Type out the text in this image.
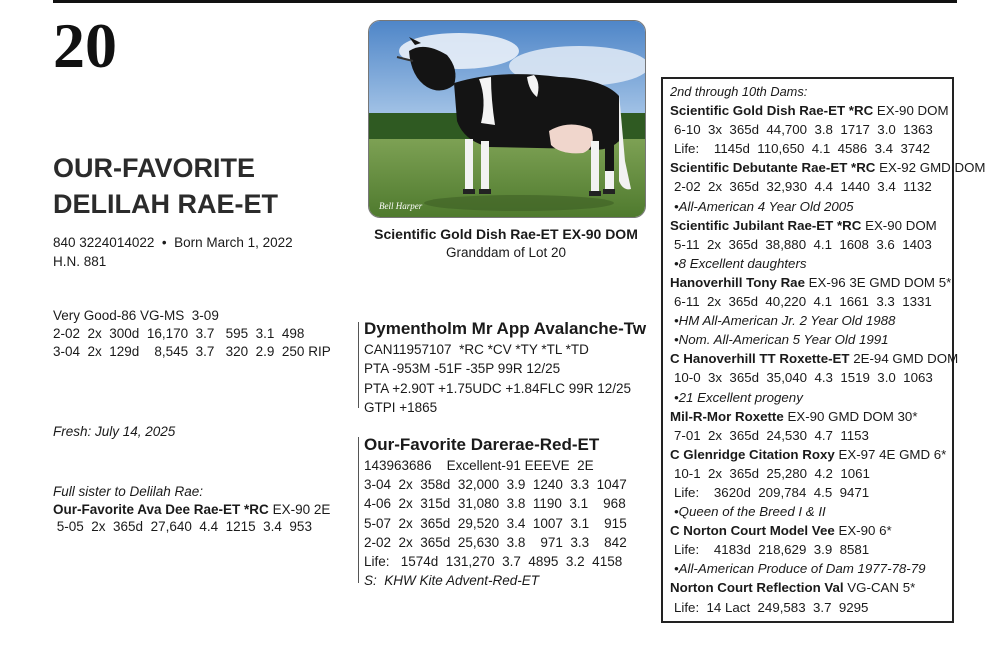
20
OUR-FAVORITE
DELILAH RAE-ET
840 3224014022  •  Born March 1, 2022
H.N. 881
Very Good-86 VG-MS  3-09
2-02  2x  300d  16,170  3.7   595  3.1  498
3-04  2x  129d    8,545  3.7   320  2.9  250 RIP
Fresh: July 14, 2025
Full sister to Delilah Rae:
Our-Favorite Ava Dee Rae-ET *RC EX-90 2E
5-05  2x  365d  27,640  4.4  1215  3.4  953
Bell Harper
Scientific Gold Dish Rae-ET EX-90 DOM
Granddam of Lot 20
Dymentholm Mr App Avalanche-Tw
CAN11957107  *RC *CV *TY *TL *TD
PTA -953M -51F -35P 99R 12/25
PTA +2.90T +1.75UDC +1.84FLC 99R 12/25
GTPI +1865
Our-Favorite Darerae-Red-ET
143963686    Excellent-91 EEEVE  2E
3-04  2x  358d  32,000  3.9  1240  3.3  1047
4-06  2x  315d  31,080  3.8  1190  3.1    968
5-07  2x  365d  29,520  3.4  1007  3.1    915
2-02  2x  365d  25,630  3.8    971  3.3    842
Life:   1574d  131,270  3.7  4895  3.2  4158
S:  KHW Kite Advent-Red-ET
2nd through 10th Dams:
Scientific Gold Dish Rae-ET *RC EX-90 DOM
6-10  3x  365d  44,700  3.8  1717  3.0  1363
Life:    1145d  110,650  4.1  4586  3.4  3742
Scientific Debutante Rae-ET *RC EX-92 GMD DOM
2-02  2x  365d  32,930  4.4  1440  3.4  1132
•All-American 4 Year Old 2005
Scientific Jubilant Rae-ET *RC EX-90 DOM
5-11  2x  365d  38,880  4.1  1608  3.6  1403
•8 Excellent daughters
Hanoverhill Tony Rae EX-96 3E GMD DOM 5*
6-11  2x  365d  40,220  4.1  1661  3.3  1331
•HM All-American Jr. 2 Year Old 1988
•Nom. All-American 5 Year Old 1991
C Hanoverhill TT Roxette-ET 2E-94 GMD DOM
10-0  3x  365d  35,040  4.3  1519  3.0  1063
•21 Excellent progeny
Mil-R-Mor Roxette EX-90 GMD DOM 30*
7-01  2x  365d  24,530  4.7  1153
C Glenridge Citation Roxy EX-97 4E GMD 6*
10-1  2x  365d  25,280  4.2  1061
Life:    3620d  209,784  4.5  9471
•Queen of the Breed I & II
C Norton Court Model Vee EX-90 6*
Life:    4183d  218,629  3.9  8581
•All-American Produce of Dam 1977-78-79
Norton Court Reflection Val VG-CAN 5*
Life:  14 Lact  249,583  3.7  9295
